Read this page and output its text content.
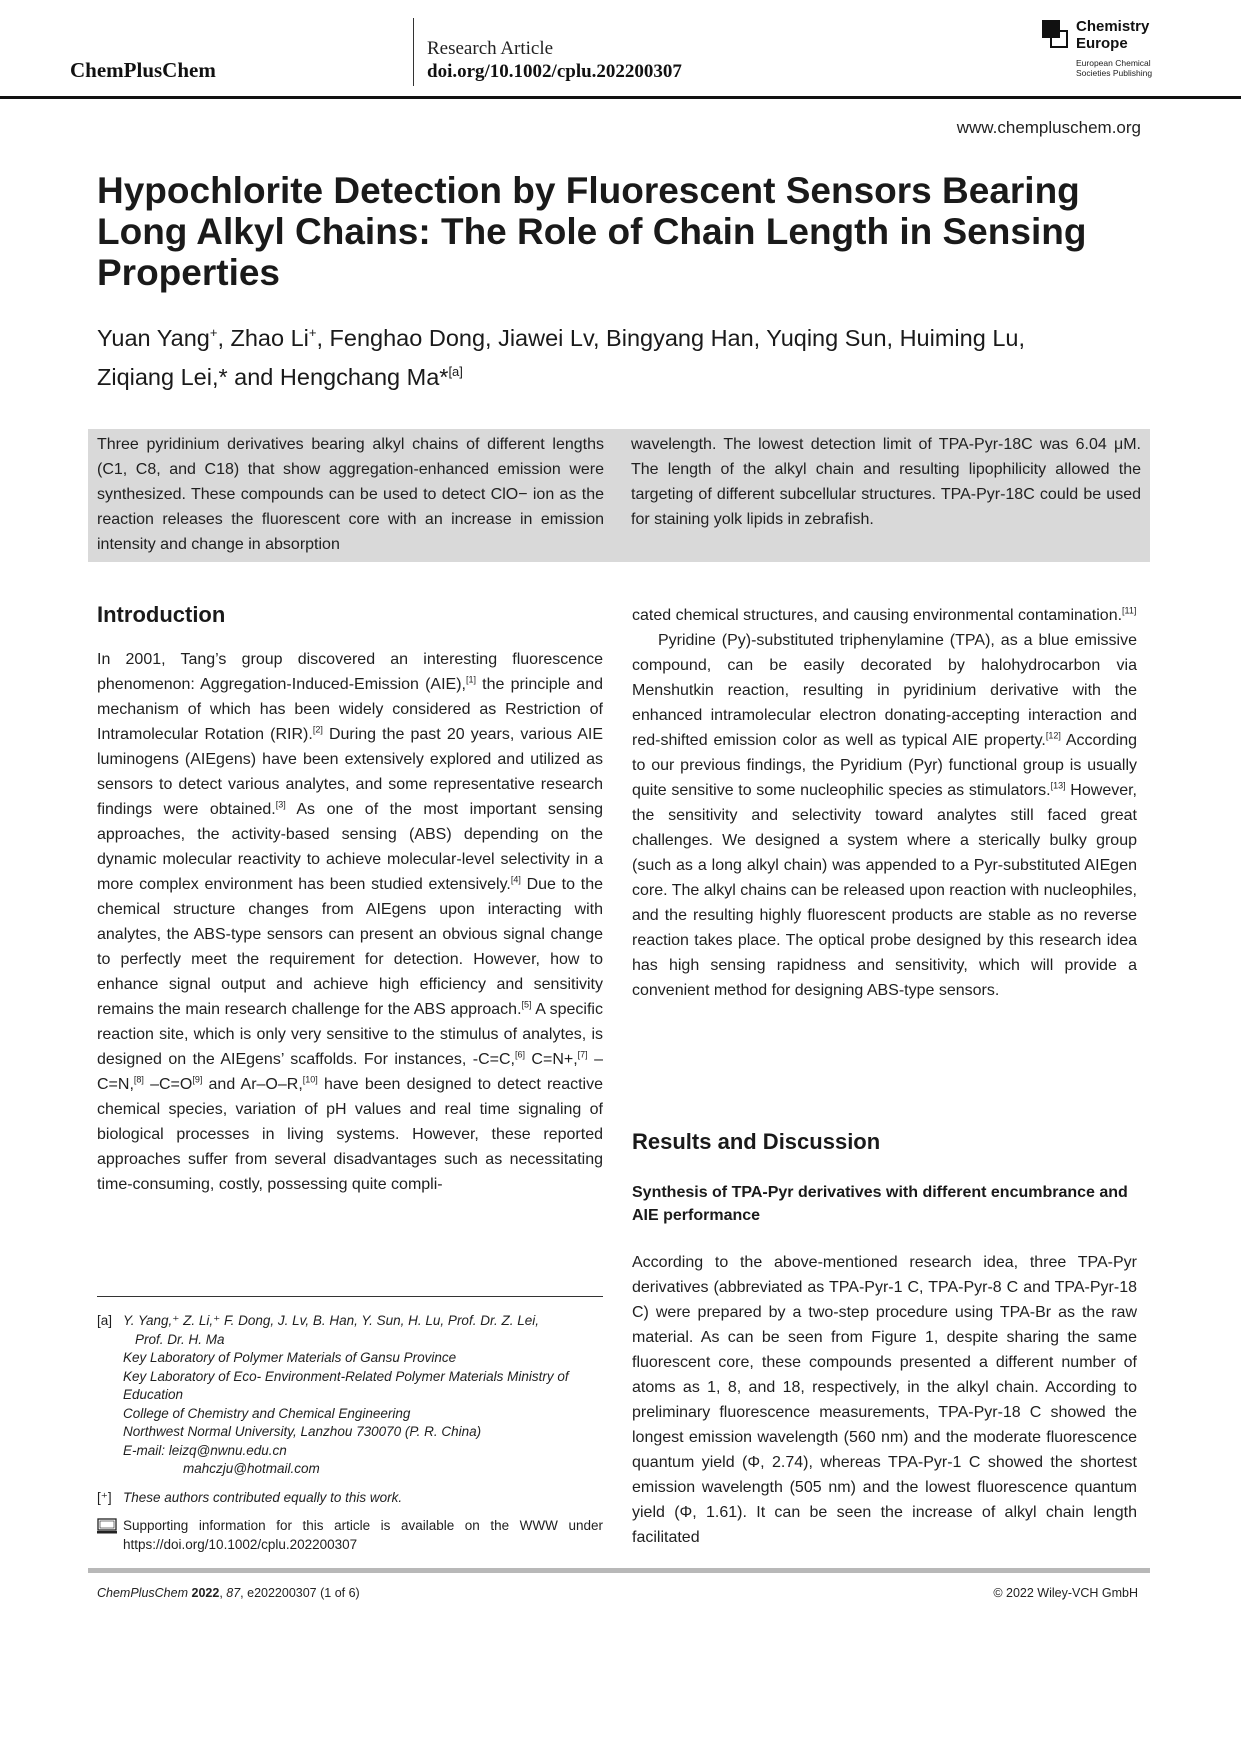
ChemPlusChem
Research Article
doi.org/10.1002/cplu.202200307
Chemistry
Europe
European Chemical
Societies Publishing
www.chempluschem.org
Hypochlorite Detection by Fluorescent Sensors Bearing Long Alkyl Chains: The Role of Chain Length in Sensing Properties
Yuan Yang+, Zhao Li+, Fenghao Dong, Jiawei Lv, Bingyang Han, Yuqing Sun, Huiming Lu,
Ziqiang Lei,* and Hengchang Ma*[a]
Three pyridinium derivatives bearing alkyl chains of different lengths (C1, C8, and C18) that show aggregation-enhanced emission were synthesized. These compounds can be used to detect ClO− ion as the reaction releases the fluorescent core with an increase in emission intensity and change in absorption
wavelength. The lowest detection limit of TPA-Pyr-18C was 6.04 μM. The length of the alkyl chain and resulting lipophilicity allowed the targeting of different subcellular structures. TPA-Pyr-18C could be used for staining yolk lipids in zebrafish.
Introduction

In 2001, Tang’s group discovered an interesting fluorescence phenomenon: Aggregation-Induced-Emission (AIE),[1] the principle and mechanism of which has been widely considered as Restriction of Intramolecular Rotation (RIR).[2] During the past 20 years, various AIE luminogens (AIEgens) have been extensively explored and utilized as sensors to detect various analytes, and some representative research findings were obtained.[3] As one of the most important sensing approaches, the activity-based sensing (ABS) depending on the dynamic molecular reactivity to achieve molecular-level selectivity in a more complex environment has been studied extensively.[4] Due to the chemical structure changes from AIEgens upon interacting with analytes, the ABS-type sensors can present an obvious signal change to perfectly meet the requirement for detection. However, how to enhance signal output and achieve high efficiency and sensitivity remains the main research challenge for the ABS approach.[5] A specific reaction site, which is only very sensitive to the stimulus of analytes, is designed on the AIEgens’ scaffolds. For instances, -C=C,[6] C=N+,[7] –C=N,[8] –C=O[9] and Ar–O–R,[10] have been designed to detect reactive chemical species, variation of pH values and real time signaling of biological processes in living systems. However, these reported approaches suffer from several disadvantages such as necessitating time-consuming, costly, possessing quite compli-

cated chemical structures, and causing environmental contamination.[11]

Pyridine (Py)-substituted triphenylamine (TPA), as a blue emissive compound, can be easily decorated by halohydrocarbon via Menshutkin reaction, resulting in pyridinium derivative with the enhanced intramolecular electron donating-accepting interaction and red-shifted emission color as well as typical AIE property.[12] According to our previous findings, the Pyridium (Pyr) functional group is usually quite sensitive to some nucleophilic species as stimulators.[13] However, the sensitivity and selectivity toward analytes still faced great challenges. We designed a system where a sterically bulky group (such as a long alkyl chain) was appended to a Pyr-substituted AIEgen core. The alkyl chains can be released upon reaction with nucleophiles, and the resulting highly fluorescent products are stable as no reverse reaction takes place. The optical probe designed by this research idea has high sensing rapidness and sensitivity, which will provide a convenient method for designing ABS-type sensors.

Results and Discussion
Synthesis of TPA-Pyr derivatives with different encumbrance and AIE performance

According to the above-mentioned research idea, three TPA-Pyr derivatives (abbreviated as TPA-Pyr-1 C, TPA-Pyr-8 C and TPA-Pyr-18 C) were prepared by a two-step procedure using TPA-Br as the raw material. As can be seen from Figure 1, despite sharing the same fluorescent core, these compounds presented a different number of atoms as 1, 8, and 18, respectively, in the alkyl chain. According to preliminary fluorescence measurements, TPA-Pyr-18 C showed the longest emission wavelength (560 nm) and the moderate fluorescence quantum yield (Φ, 2.74), whereas TPA-Pyr-1 C showed the shortest emission wavelength (505 nm) and the lowest fluorescence quantum yield (Φ, 1.61). It can be seen the increase of alkyl chain length facilitated

[a] Y. Yang,⁺ Z. Li,⁺ F. Dong, J. Lv, B. Han, Y. Sun, H. Lu, Prof. Dr. Z. Lei,
Prof. Dr. H. Ma
Key Laboratory of Polymer Materials of Gansu Province
Key Laboratory of Eco- Environment-Related Polymer Materials Ministry of
Education
College of Chemistry and Chemical Engineering
Northwest Normal University, Lanzhou 730070 (P. R. China)
E-mail: leizq@nwnu.edu.cn
mahczju@hotmail.com
[⁺] These authors contributed equally to this work.
Supporting information for this article is available on the WWW under https://doi.org/10.1002/cplu.202200307
ChemPlusChem 2022, 87, e202200307 (1 of 6)	© 2022 Wiley-VCH GmbH
